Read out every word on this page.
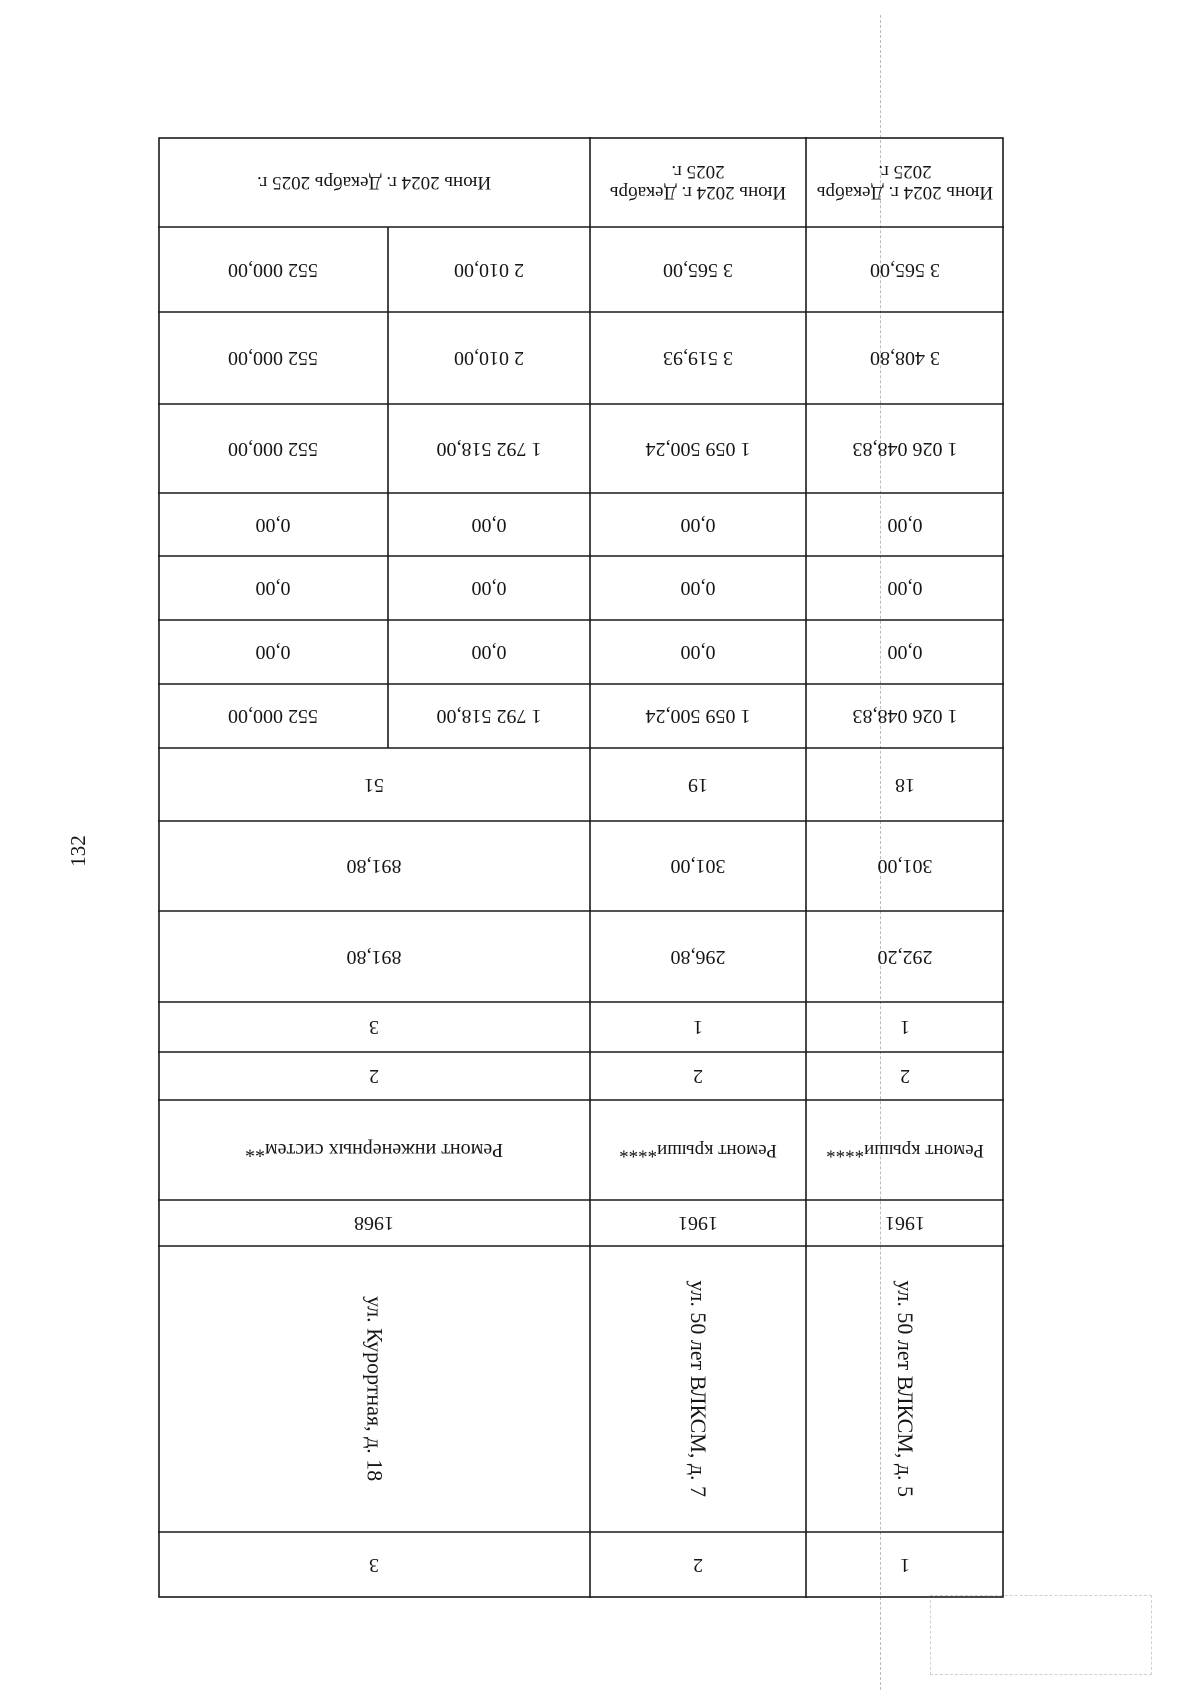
132
1
ул. 50 лет ВЛКСМ, д. 5
1961
Ремонт крыши****
2
1
292,20
301,00
18
1 026 048,83
0,00
0,00
0,00
1 026 048,83
3 408,80
3 565,00
Июнь 2024 г. Декабрь 2025 г.
2
ул. 50 лет ВЛКСМ, д. 7
1961
Ремонт крыши****
2
1
296,80
301,00
19
1 059 500,24
0,00
0,00
0,00
1 059 500,24
3 519,93
3 565,00
Июнь 2024 г. Декабрь 2025 г.
3
ул. Курортная, д. 18
1968
Ремонт инженерных систем**
2
3
891,80
891,80
51
1 792 518,00
552 000,00
0,00
0,00
0,00
0,00
0,00
0,00
1 792 518,00
552 000,00
2 010,00
552 000,00
2 010,00
552 000,00
Июнь 2024 г. Декабрь 2025 г.
